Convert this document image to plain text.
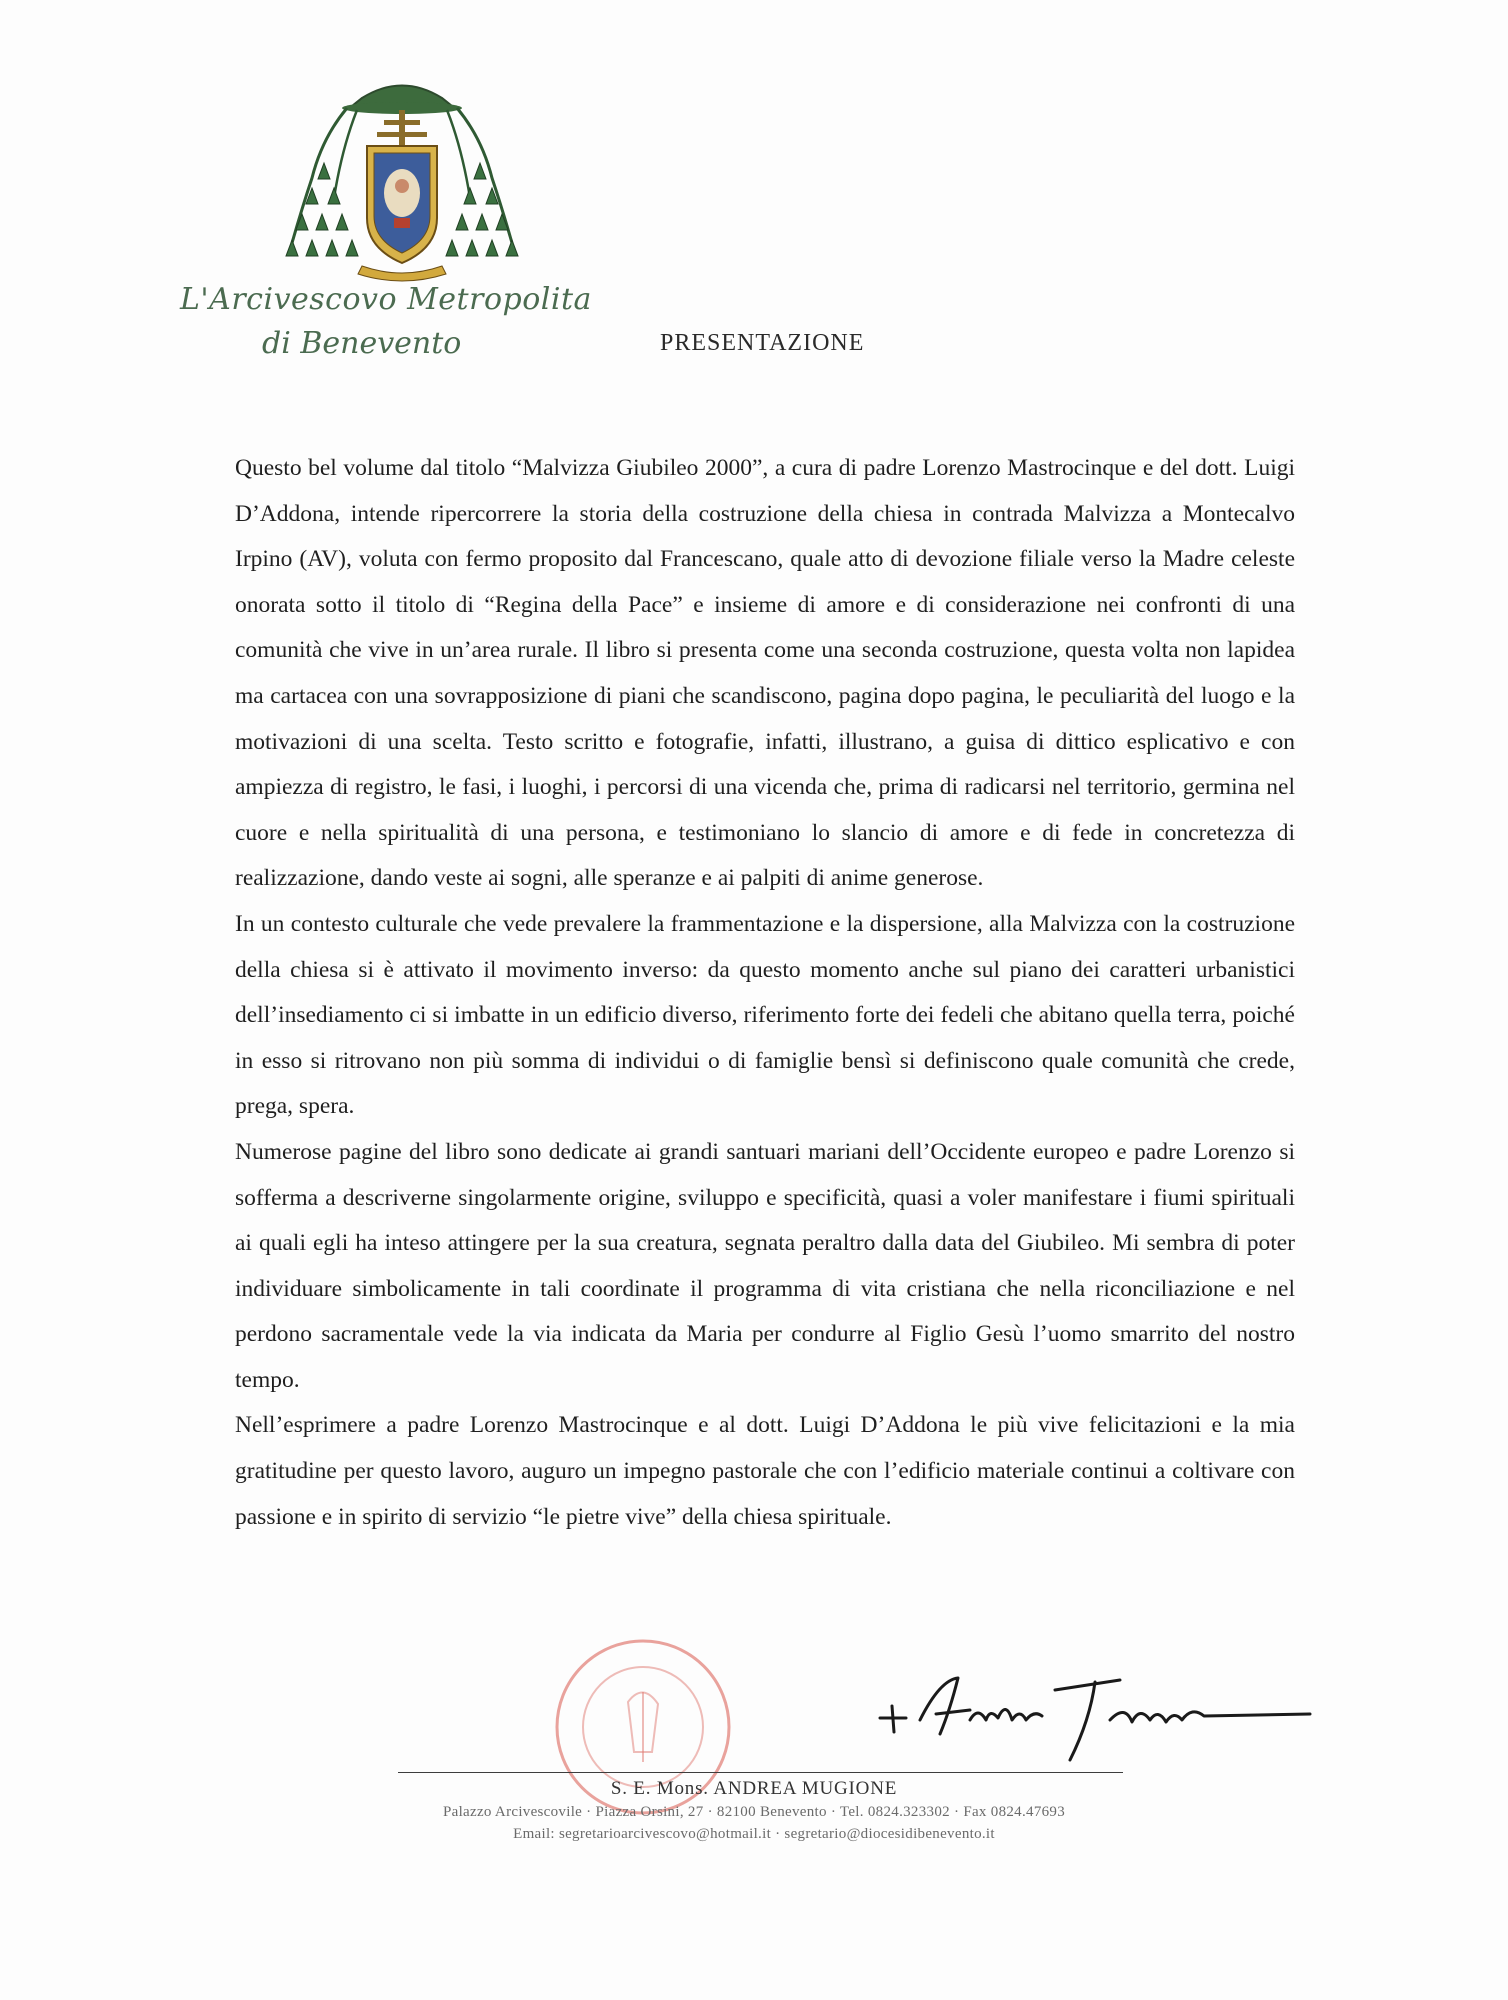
L'Arcivescovo Metropolita
di Benevento	PRESENTAZIONE

Questo bel volume dal titolo “Malvizza Giubileo 2000”, a cura di padre Lorenzo Mastrocinque e del dott. Luigi D’Addona, intende ripercorrere la storia della costruzione della chiesa in contrada Malvizza a Montecalvo Irpino (AV), voluta con fermo proposito dal Francescano, quale atto di devozione filiale verso la Madre celeste onorata sotto il titolo di “Regina della Pace” e insieme di amore e di considerazione nei confronti di una comunità che vive in un’area rurale. Il libro si presenta come una seconda costruzione, questa volta non lapidea ma cartacea con una sovrapposizione di piani che scandiscono, pagina dopo pagina, le peculiarità del luogo e la motivazioni di una scelta. Testo scritto e fotografie, infatti, illustrano, a guisa di dittico esplicativo e con ampiezza di registro, le fasi, i luoghi, i percorsi di una vicenda che, prima di radicarsi nel territorio, germina nel cuore e nella spiritualità di una persona, e testimoniano lo slancio di amore e di fede in concretezza di realizzazione, dando veste ai sogni, alle speranze e ai palpiti di anime generose.

In un contesto culturale che vede prevalere la frammentazione e la dispersione, alla Malvizza con la costruzione della chiesa si è attivato il movimento inverso: da questo momento anche sul piano dei caratteri urbanistici dell’insediamento ci si imbatte in un edificio diverso, riferimento forte dei fedeli che abitano quella terra, poiché in esso si ritrovano non più somma di individui o di famiglie bensì si definiscono quale comunità che crede, prega, spera.

Numerose pagine del libro sono dedicate ai grandi santuari mariani dell’Occidente europeo e padre Lorenzo si sofferma a descriverne singolarmente origine, sviluppo e specificità, quasi a voler manifestare i fiumi spirituali ai quali egli ha inteso attingere per la sua creatura, segnata peraltro dalla data del Giubileo. Mi sembra di poter individuare simbolicamente in tali coordinate il programma di vita cristiana che nella riconciliazione e nel perdono sacramentale vede la via indicata da Maria per condurre al Figlio Gesù l’uomo smarrito del nostro tempo.

Nell’esprimere a padre Lorenzo Mastrocinque e al dott. Luigi D’Addona le più vive felicitazioni e la mia gratitudine per questo lavoro, auguro un impegno pastorale che con l’edificio materiale continui a coltivare con passione e in spirito di servizio “le pietre vive” della chiesa spirituale.

S. E. Mons. ANDREA MUGIONE
Palazzo Arcivescovile · Piazza Orsini, 27 · 82100 Benevento · Tel. 0824.323302 · Fax 0824.47693
Email: segretarioarcivescovo@hotmail.it · segretario@diocesidibenevento.it
